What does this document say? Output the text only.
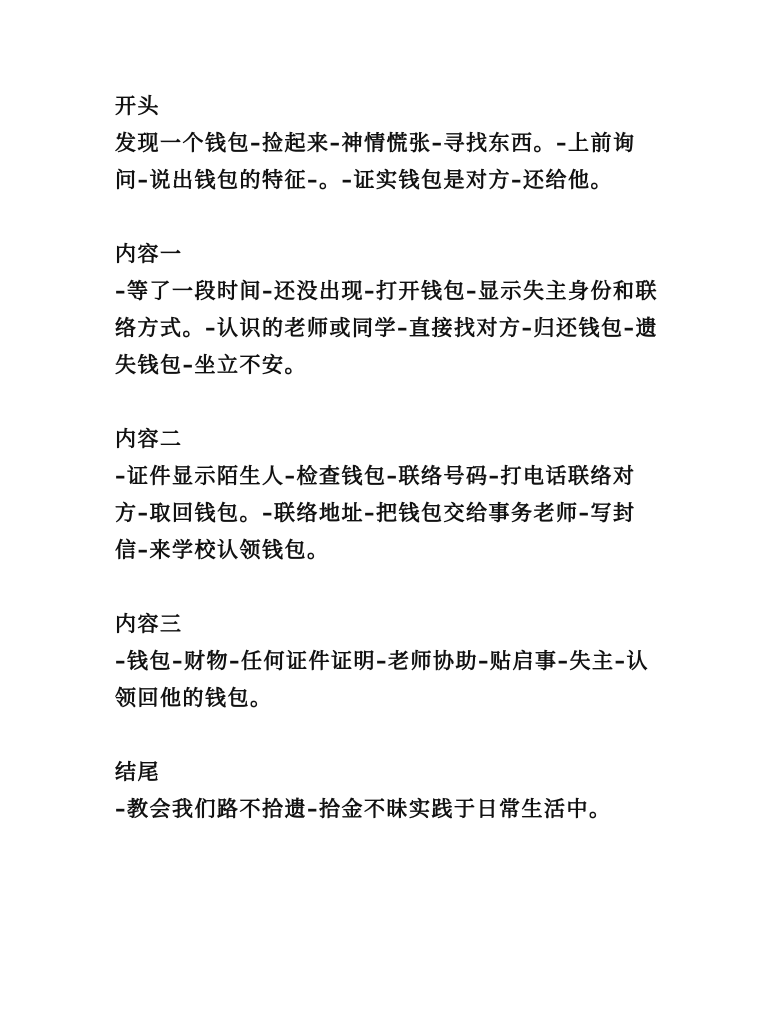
开头
发现一个钱包–捡起来–神情慌张–寻找东西。–上前询问–说出钱包的特征–。–证实钱包是对方–还给他。
内容一
–等了一段时间–还没出现–打开钱包–显示失主身份和联络方式。–认识的老师或同学–直接找对方–归还钱包–遗失钱包–坐立不安。
内容二
–证件显示陌生人–检查钱包–联络号码–打电话联络对方–取回钱包。–联络地址–把钱包交给事务老师–写封信–来学校认领钱包。
内容三
–钱包–财物–任何证件证明–老师协助–贴启事–失主–认领回他的钱包。
结尾
–教会我们路不拾遗–拾金不昧实践于日常生活中。
